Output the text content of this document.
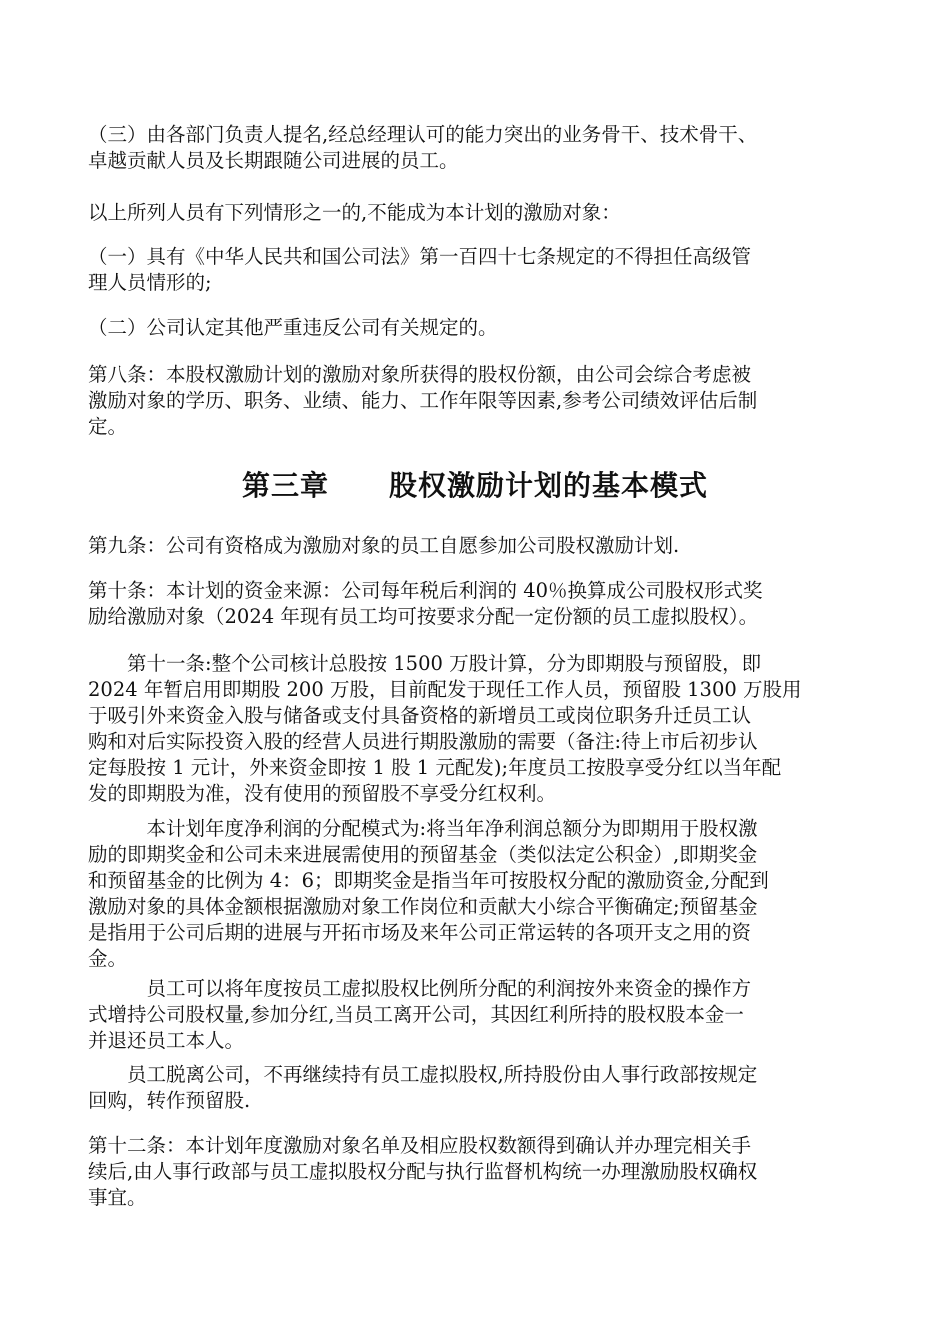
（三）由各部门负责人提名,经总经理认可的能力突出的业务骨干、技术骨干、
卓越贡献人员及长期跟随公司进展的员工。
以上所列人员有下列情形之一的,不能成为本计划的激励对象：
（一）具有《中华人民共和国公司法》第一百四十七条规定的不得担任高级管
理人员情形的;
（二）公司认定其他严重违反公司有关规定的。
第八条：本股权激励计划的激励对象所获得的股权份额，由公司会综合考虑被
激励对象的学历、职务、业绩、能力、工作年限等因素,参考公司绩效评估后制
定。
第三章 股权激励计划的基本模式
第九条：公司有资格成为激励对象的员工自愿参加公司股权激励计划.
第十条：本计划的资金来源：公司每年税后利润的 40％换算成公司股权形式奖
励给激励对象（2024 年现有员工均可按要求分配一定份额的员工虚拟股权）。
　　第十一条:整个公司核计总股按 1500 万股计算，分为即期股与预留股，即
2024 年暂启用即期股 200 万股，目前配发于现任工作人员，预留股 1300 万股用
于吸引外来资金入股与储备或支付具备资格的新增员工或岗位职务升迁员工认
购和对后实际投资入股的经营人员进行期股激励的需要（备注:待上市后初步认
定每股按 1 元计，外来资金即按 1 股 1 元配发);年度员工按股享受分红以当年配
发的即期股为准，没有使用的预留股不享受分红权利。
　　　本计划年度净利润的分配模式为:将当年净利润总额分为即期用于股权激
励的即期奖金和公司未来进展需使用的预留基金（类似法定公积金）,即期奖金
和预留基金的比例为 4：6；即期奖金是指当年可按股权分配的激励资金,分配到
激励对象的具体金额根据激励对象工作岗位和贡献大小综合平衡确定;预留基金
是指用于公司后期的进展与开拓市场及来年公司正常运转的各项开支之用的资
金。
　　　员工可以将年度按员工虚拟股权比例所分配的利润按外来资金的操作方
式增持公司股权量,参加分红,当员工离开公司，其因红利所持的股权股本金一
并退还员工本人。
　　员工脱离公司，不再继续持有员工虚拟股权,所持股份由人事行政部按规定
回购，转作预留股.
第十二条：本计划年度激励对象名单及相应股权数额得到确认并办理完相关手
续后,由人事行政部与员工虚拟股权分配与执行监督机构统一办理激励股权确权
事宜。
